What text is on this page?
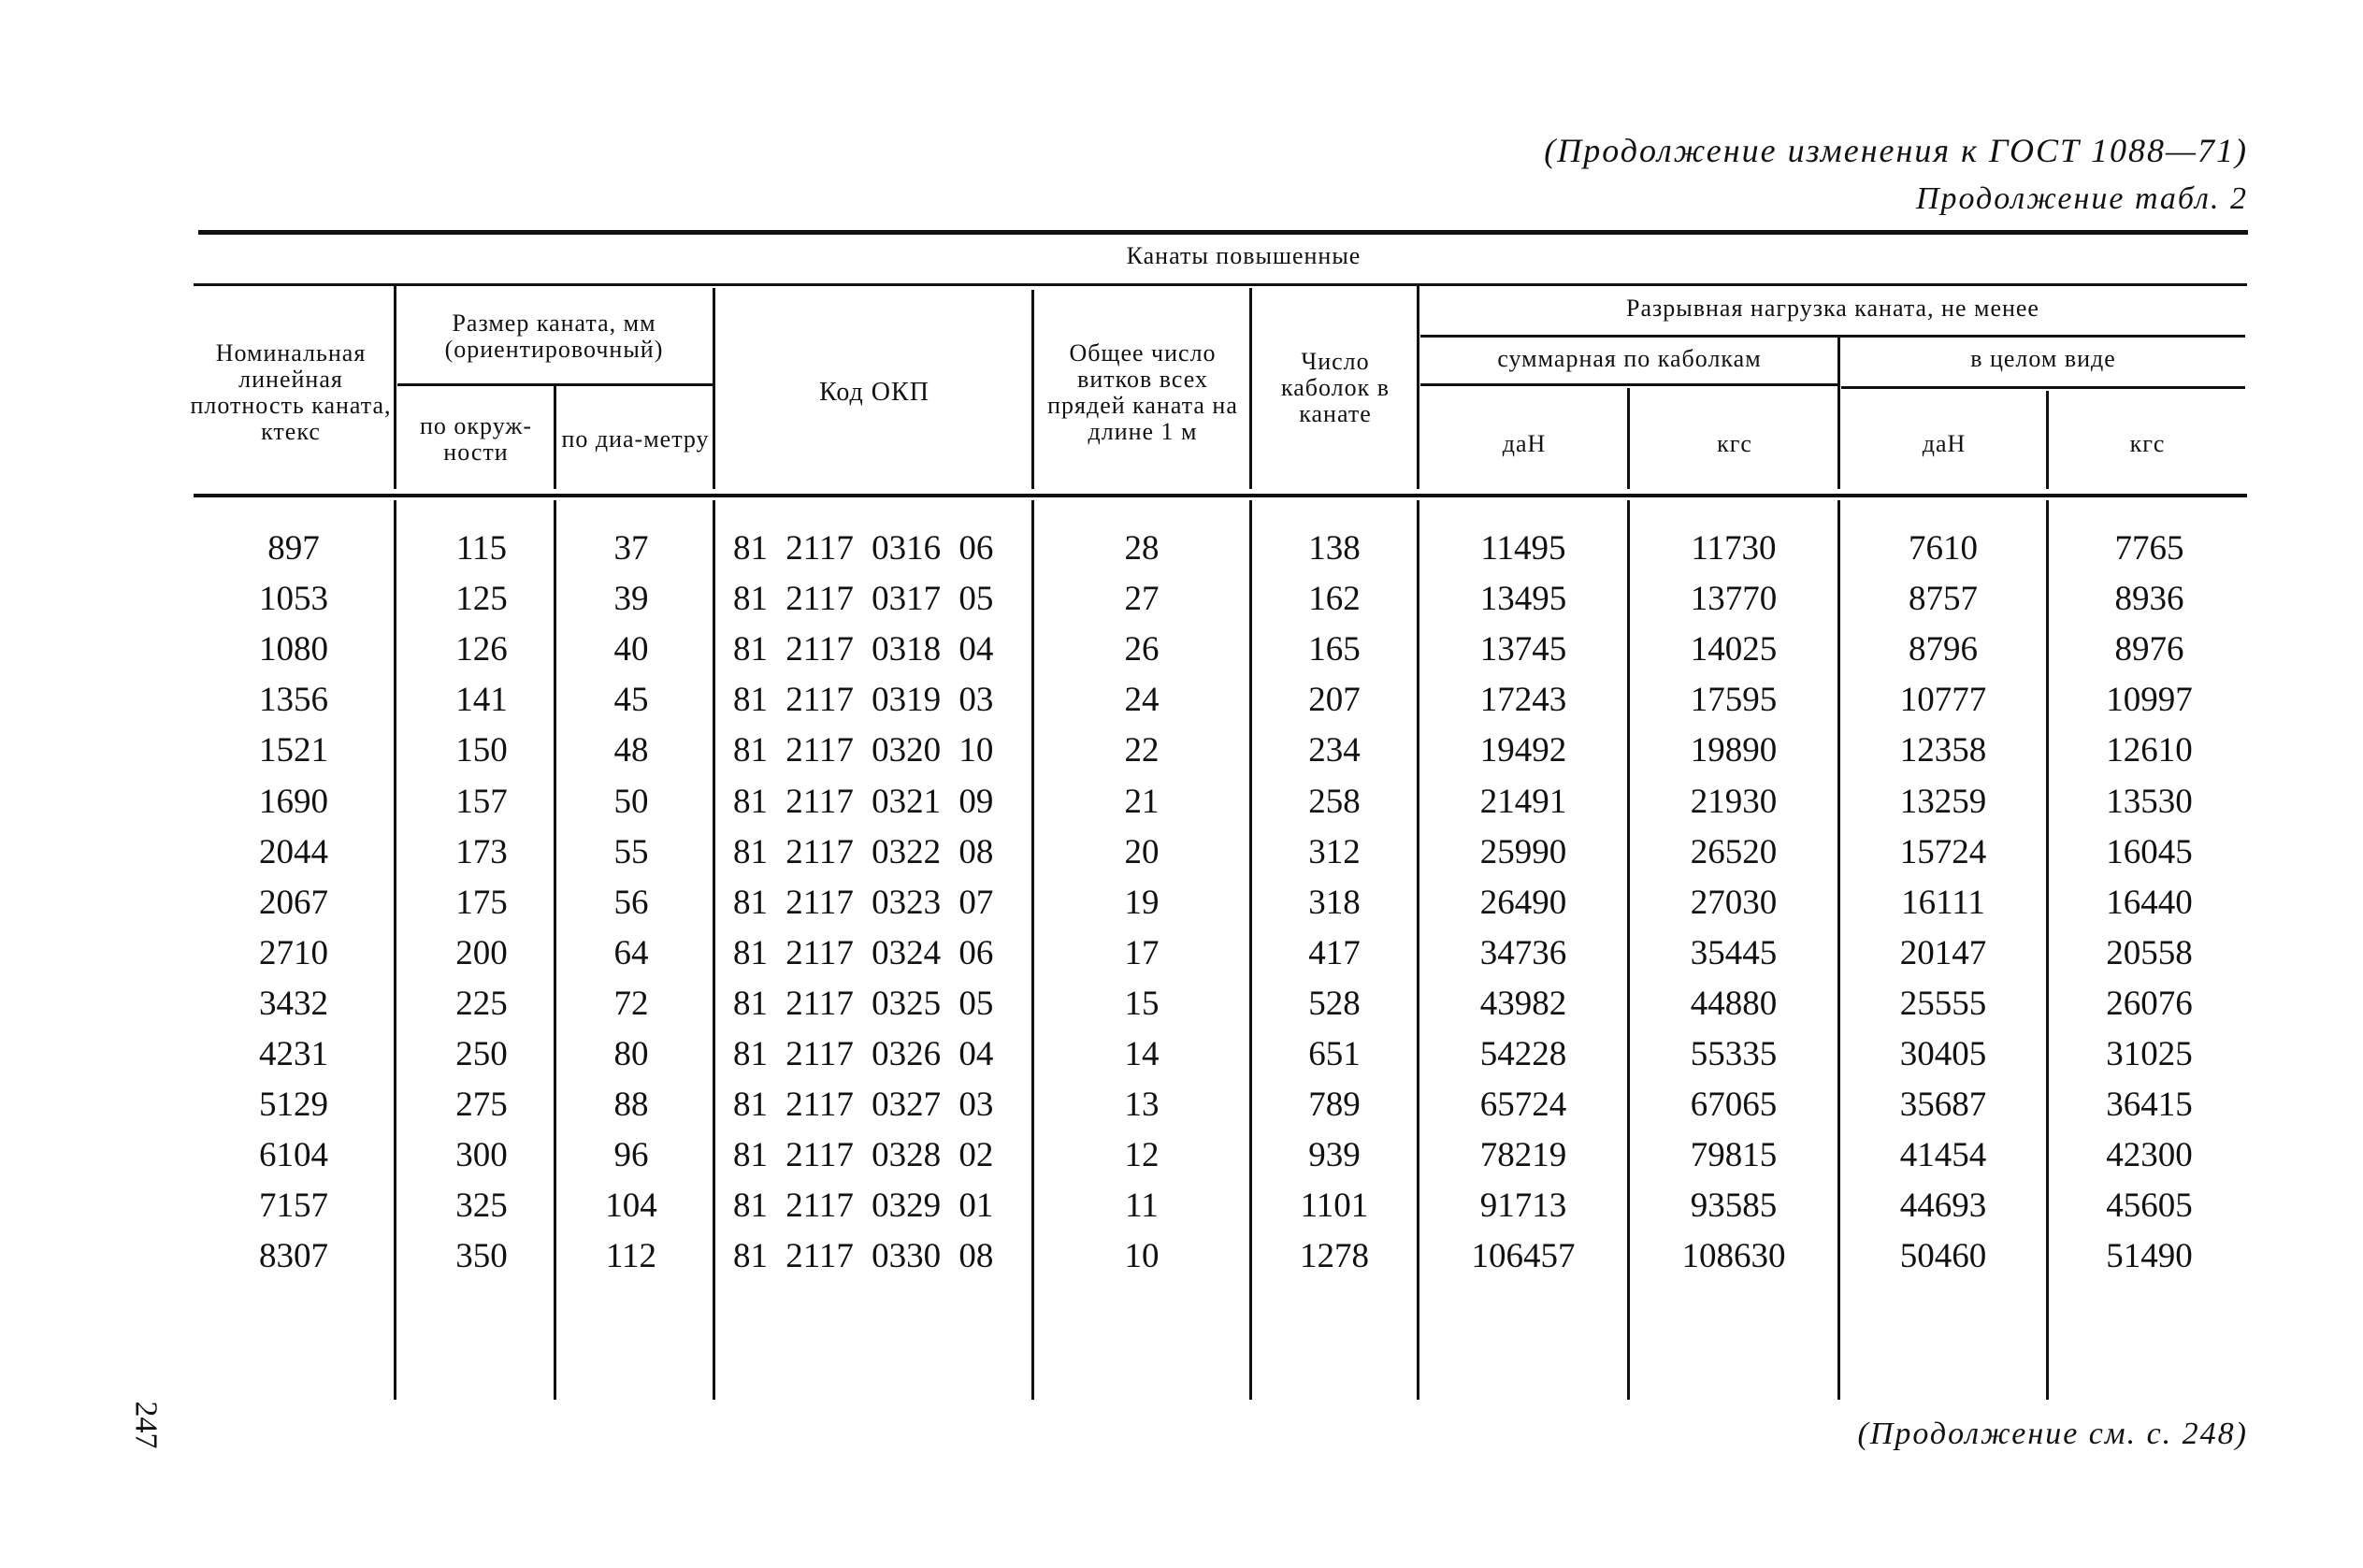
(Продолжение изменения к ГОСТ 1088—71)
Продолжение табл. 2
Канаты повышенные
Номинальная линейная плотность каната, ктекс
Размер каната, мм (ориентировочный)
по окруж-ности	по диа-метру
Код ОКП
Общее число витков всех прядей каната на длине 1 м
Число каболок в канате
Разрывная нагрузка каната, не менее
суммарная по каболкам	в целом виде
даН	кгс	даН	кгс
897	115	37	81 2117 0316 06	28	138	11495	11730	7610	7765
1053	125	39	81 2117 0317 05	27	162	13495	13770	8757	8936
1080	126	40	81 2117 0318 04	26	165	13745	14025	8796	8976
1356	141	45	81 2117 0319 03	24	207	17243	17595	10777	10997
1521	150	48	81 2117 0320 10	22	234	19492	19890	12358	12610
1690	157	50	81 2117 0321 09	21	258	21491	21930	13259	13530
2044	173	55	81 2117 0322 08	20	312	25990	26520	15724	16045
2067	175	56	81 2117 0323 07	19	318	26490	27030	16111	16440
2710	200	64	81 2117 0324 06	17	417	34736	35445	20147	20558
3432	225	72	81 2117 0325 05	15	528	43982	44880	25555	26076
4231	250	80	81 2117 0326 04	14	651	54228	55335	30405	31025
5129	275	88	81 2117 0327 03	13	789	65724	67065	35687	36415
6104	300	96	81 2117 0328 02	12	939	78219	79815	41454	42300
7157	325	104	81 2117 0329 01	11	1101	91713	93585	44693	45605
8307	350	112	81 2117 0330 08	10	1278	106457	108630	50460	51490
247	(Продолжение см. с. 248)
